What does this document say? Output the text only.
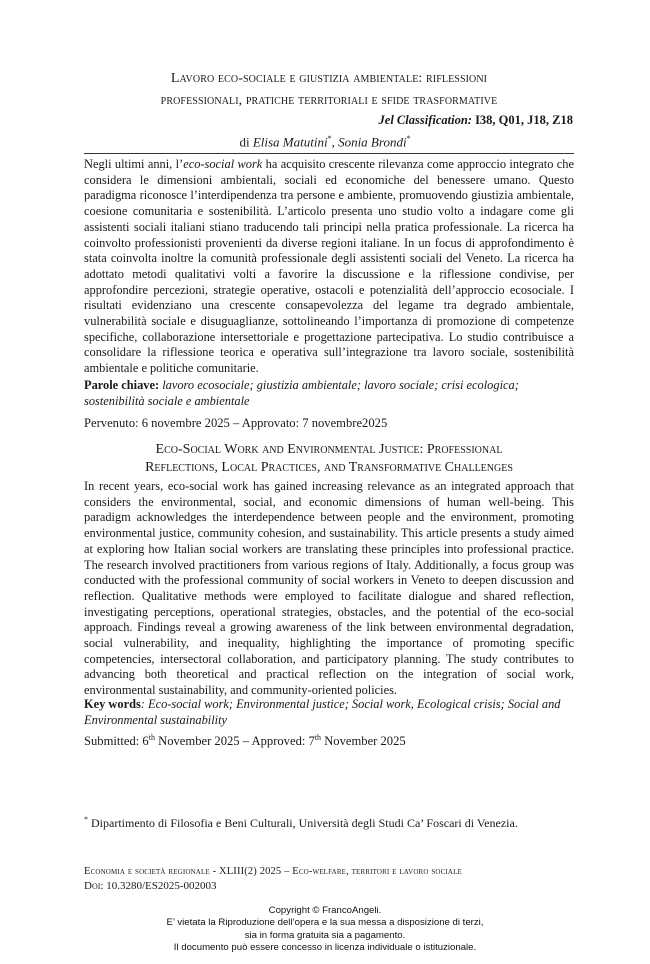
Lavoro eco-sociale e giustizia ambientale: riflessioni
professionali, pratiche territoriali e sfide trasformative
Jel Classification: I38, Q01, J18, Z18
di Elisa Matutini*, Sonia Brondi*

Negli ultimi anni, l’eco-social work ha acquisito crescente rilevanza come approccio integrato che considera le dimensioni ambientali, sociali ed economiche del benessere umano. Questo paradigma riconosce l’interdipendenza tra persone e ambiente, promuovendo giustizia ambientale, coesione comunitaria e sostenibilità. L’articolo presenta uno studio volto a indagare come gli assistenti sociali italiani stiano traducendo tali principi nella pratica professionale. La ricerca ha coinvolto professionisti provenienti da diverse regioni italiane. In un focus di approfondimento è stata coinvolta inoltre la comunità professionale degli assistenti sociali del Veneto. La ricerca ha adottato metodi qualitativi volti a favorire la discussione e la riflessione condivise, per approfondire percezioni, strategie operative, ostacoli e potenzialità dell’approccio ecosociale. I risultati evidenziano una crescente consapevolezza del legame tra degrado ambientale, vulnerabilità sociale e disuguaglianze, sottolineando l’importanza di promozione di competenze specifiche, collaborazione intersettoriale e progettazione partecipativa. Lo studio contribuisce a consolidare la riflessione teorica e operativa sull’integrazione tra lavoro sociale, sostenibilità ambientale e politiche comunitarie.

Parole chiave: lavoro ecosociale; giustizia ambientale; lavoro sociale; crisi ecologica; sostenibilità sociale e ambientale
Pervenuto: 6 novembre 2025 – Approvato: 7 novembre2025
Eco-Social Work and Environmental Justice: Professional
Reflections, Local Practices, and Transformative Challenges

In recent years, eco-social work has gained increasing relevance as an integrated approach that considers the environmental, social, and economic dimensions of human well-being. This paradigm acknowledges the interdependence between people and the environment, promoting environmental justice, community cohesion, and sustainability. This article presents a study aimed at exploring how Italian social workers are translating these principles into professional practice. The research involved practitioners from various regions of Italy. Additionally, a focus group was conducted with the professional community of social workers in Veneto to deepen discussion and reflection. Qualitative methods were employed to facilitate dialogue and shared reflection, investigating perceptions, operational strategies, obstacles, and the potential of the eco-social approach. Findings reveal a growing awareness of the link between environmental degradation, social vulnerability, and inequality, highlighting the importance of promoting specific competencies, intersectoral collaboration, and participatory planning. The study contributes to advancing both theoretical and practical reflection on the integration of social work, environmental sustainability, and community-oriented policies.

Key words: Eco-social work; Environmental justice; Social work, Ecological crisis; Social and Environmental sustainability
Submitted: 6th November 2025 – Approved: 7th November 2025
* Dipartimento di Filosofia e Beni Culturali, Università degli Studi Ca’ Foscari di Venezia.
Economia e società regionale - XLIII(2) 2025 – Eco-welfare, territori e lavoro sociale
Doi: 10.3280/ES2025-002003
Copyright © FrancoAngeli.
E’ vietata la Riproduzione dell’opera e la sua messa a disposizione di terzi,
sia in forma gratuita sia a pagamento.
Il documento può essere concesso in licenza individuale o istituzionale.
